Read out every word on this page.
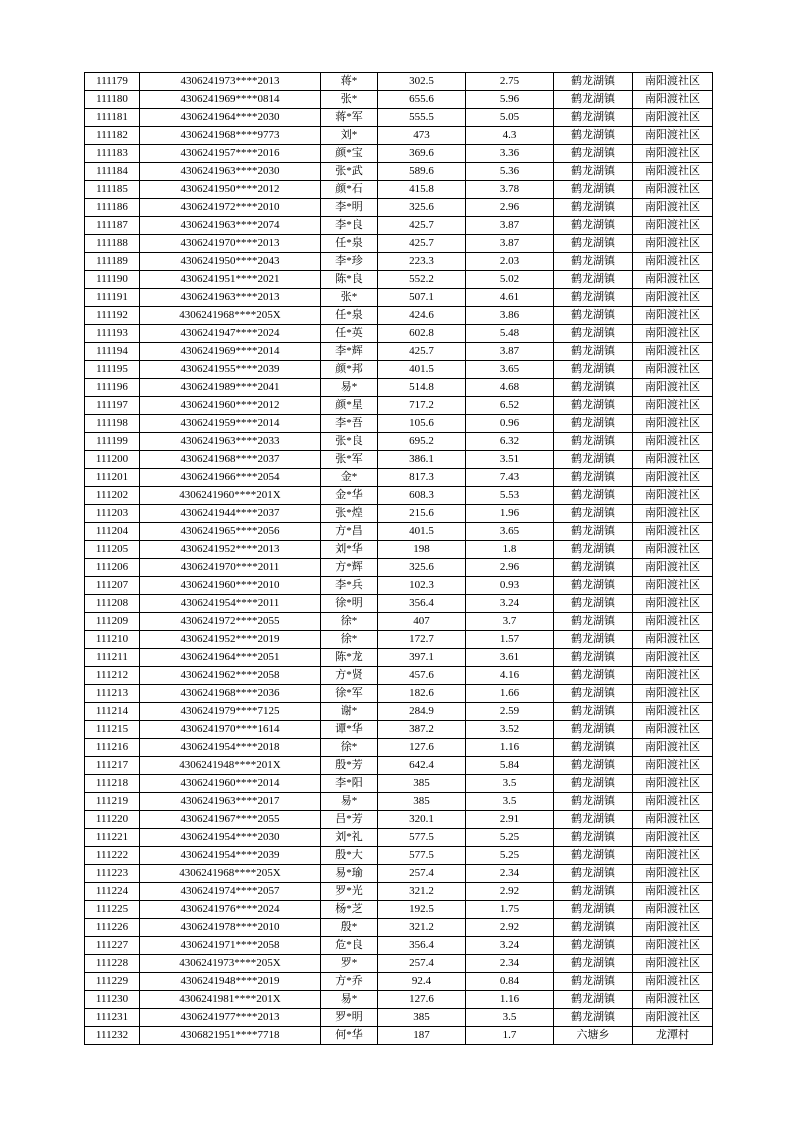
111179	4306241973****2013	蒋*	302.5	2.75	鹤龙湖镇	南阳渡社区
111180	4306241969****0814	张*	655.6	5.96	鹤龙湖镇	南阳渡社区
111181	4306241964****2030	蒋*军	555.5	5.05	鹤龙湖镇	南阳渡社区
111182	4306241968****9773	刘*	473	4.3	鹤龙湖镇	南阳渡社区
111183	4306241957****2016	颜*宝	369.6	3.36	鹤龙湖镇	南阳渡社区
111184	4306241963****2030	张*武	589.6	5.36	鹤龙湖镇	南阳渡社区
111185	4306241950****2012	颜*石	415.8	3.78	鹤龙湖镇	南阳渡社区
111186	4306241972****2010	李*明	325.6	2.96	鹤龙湖镇	南阳渡社区
111187	4306241963****2074	李*良	425.7	3.87	鹤龙湖镇	南阳渡社区
111188	4306241970****2013	任*泉	425.7	3.87	鹤龙湖镇	南阳渡社区
111189	4306241950****2043	李*珍	223.3	2.03	鹤龙湖镇	南阳渡社区
111190	4306241951****2021	陈*良	552.2	5.02	鹤龙湖镇	南阳渡社区
111191	4306241963****2013	张*	507.1	4.61	鹤龙湖镇	南阳渡社区
111192	4306241968****205X	任*泉	424.6	3.86	鹤龙湖镇	南阳渡社区
111193	4306241947****2024	任*英	602.8	5.48	鹤龙湖镇	南阳渡社区
111194	4306241969****2014	李*辉	425.7	3.87	鹤龙湖镇	南阳渡社区
111195	4306241955****2039	颜*邦	401.5	3.65	鹤龙湖镇	南阳渡社区
111196	4306241989****2041	易*	514.8	4.68	鹤龙湖镇	南阳渡社区
111197	4306241960****2012	颜*星	717.2	6.52	鹤龙湖镇	南阳渡社区
111198	4306241959****2014	李*吾	105.6	0.96	鹤龙湖镇	南阳渡社区
111199	4306241963****2033	张*良	695.2	6.32	鹤龙湖镇	南阳渡社区
111200	4306241968****2037	张*军	386.1	3.51	鹤龙湖镇	南阳渡社区
111201	4306241966****2054	金*	817.3	7.43	鹤龙湖镇	南阳渡社区
111202	4306241960****201X	金*华	608.3	5.53	鹤龙湖镇	南阳渡社区
111203	4306241944****2037	张*煌	215.6	1.96	鹤龙湖镇	南阳渡社区
111204	4306241965****2056	方*昌	401.5	3.65	鹤龙湖镇	南阳渡社区
111205	4306241952****2013	刘*华	198	1.8	鹤龙湖镇	南阳渡社区
111206	4306241970****2011	方*辉	325.6	2.96	鹤龙湖镇	南阳渡社区
111207	4306241960****2010	李*兵	102.3	0.93	鹤龙湖镇	南阳渡社区
111208	4306241954****2011	徐*明	356.4	3.24	鹤龙湖镇	南阳渡社区
111209	4306241972****2055	徐*	407	3.7	鹤龙湖镇	南阳渡社区
111210	4306241952****2019	徐*	172.7	1.57	鹤龙湖镇	南阳渡社区
111211	4306241964****2051	陈*龙	397.1	3.61	鹤龙湖镇	南阳渡社区
111212	4306241962****2058	方*贤	457.6	4.16	鹤龙湖镇	南阳渡社区
111213	4306241968****2036	徐*军	182.6	1.66	鹤龙湖镇	南阳渡社区
111214	4306241979****7125	谢*	284.9	2.59	鹤龙湖镇	南阳渡社区
111215	4306241970****1614	谭*华	387.2	3.52	鹤龙湖镇	南阳渡社区
111216	4306241954****2018	徐*	127.6	1.16	鹤龙湖镇	南阳渡社区
111217	4306241948****201X	殷*芳	642.4	5.84	鹤龙湖镇	南阳渡社区
111218	4306241960****2014	李*阳	385	3.5	鹤龙湖镇	南阳渡社区
111219	4306241963****2017	易*	385	3.5	鹤龙湖镇	南阳渡社区
111220	4306241967****2055	吕*芳	320.1	2.91	鹤龙湖镇	南阳渡社区
111221	4306241954****2030	刘*礼	577.5	5.25	鹤龙湖镇	南阳渡社区
111222	4306241954****2039	殷*大	577.5	5.25	鹤龙湖镇	南阳渡社区
111223	4306241968****205X	易*瑜	257.4	2.34	鹤龙湖镇	南阳渡社区
111224	4306241974****2057	罗*光	321.2	2.92	鹤龙湖镇	南阳渡社区
111225	4306241976****2024	杨*芝	192.5	1.75	鹤龙湖镇	南阳渡社区
111226	4306241978****2010	殷*	321.2	2.92	鹤龙湖镇	南阳渡社区
111227	4306241971****2058	危*良	356.4	3.24	鹤龙湖镇	南阳渡社区
111228	4306241973****205X	罗*	257.4	2.34	鹤龙湖镇	南阳渡社区
111229	4306241948****2019	方*乔	92.4	0.84	鹤龙湖镇	南阳渡社区
111230	4306241981****201X	易*	127.6	1.16	鹤龙湖镇	南阳渡社区
111231	4306241977****2013	罗*明	385	3.5	鹤龙湖镇	南阳渡社区
111232	4306821951****7718	何*华	187	1.7	六塘乡	龙潭村
